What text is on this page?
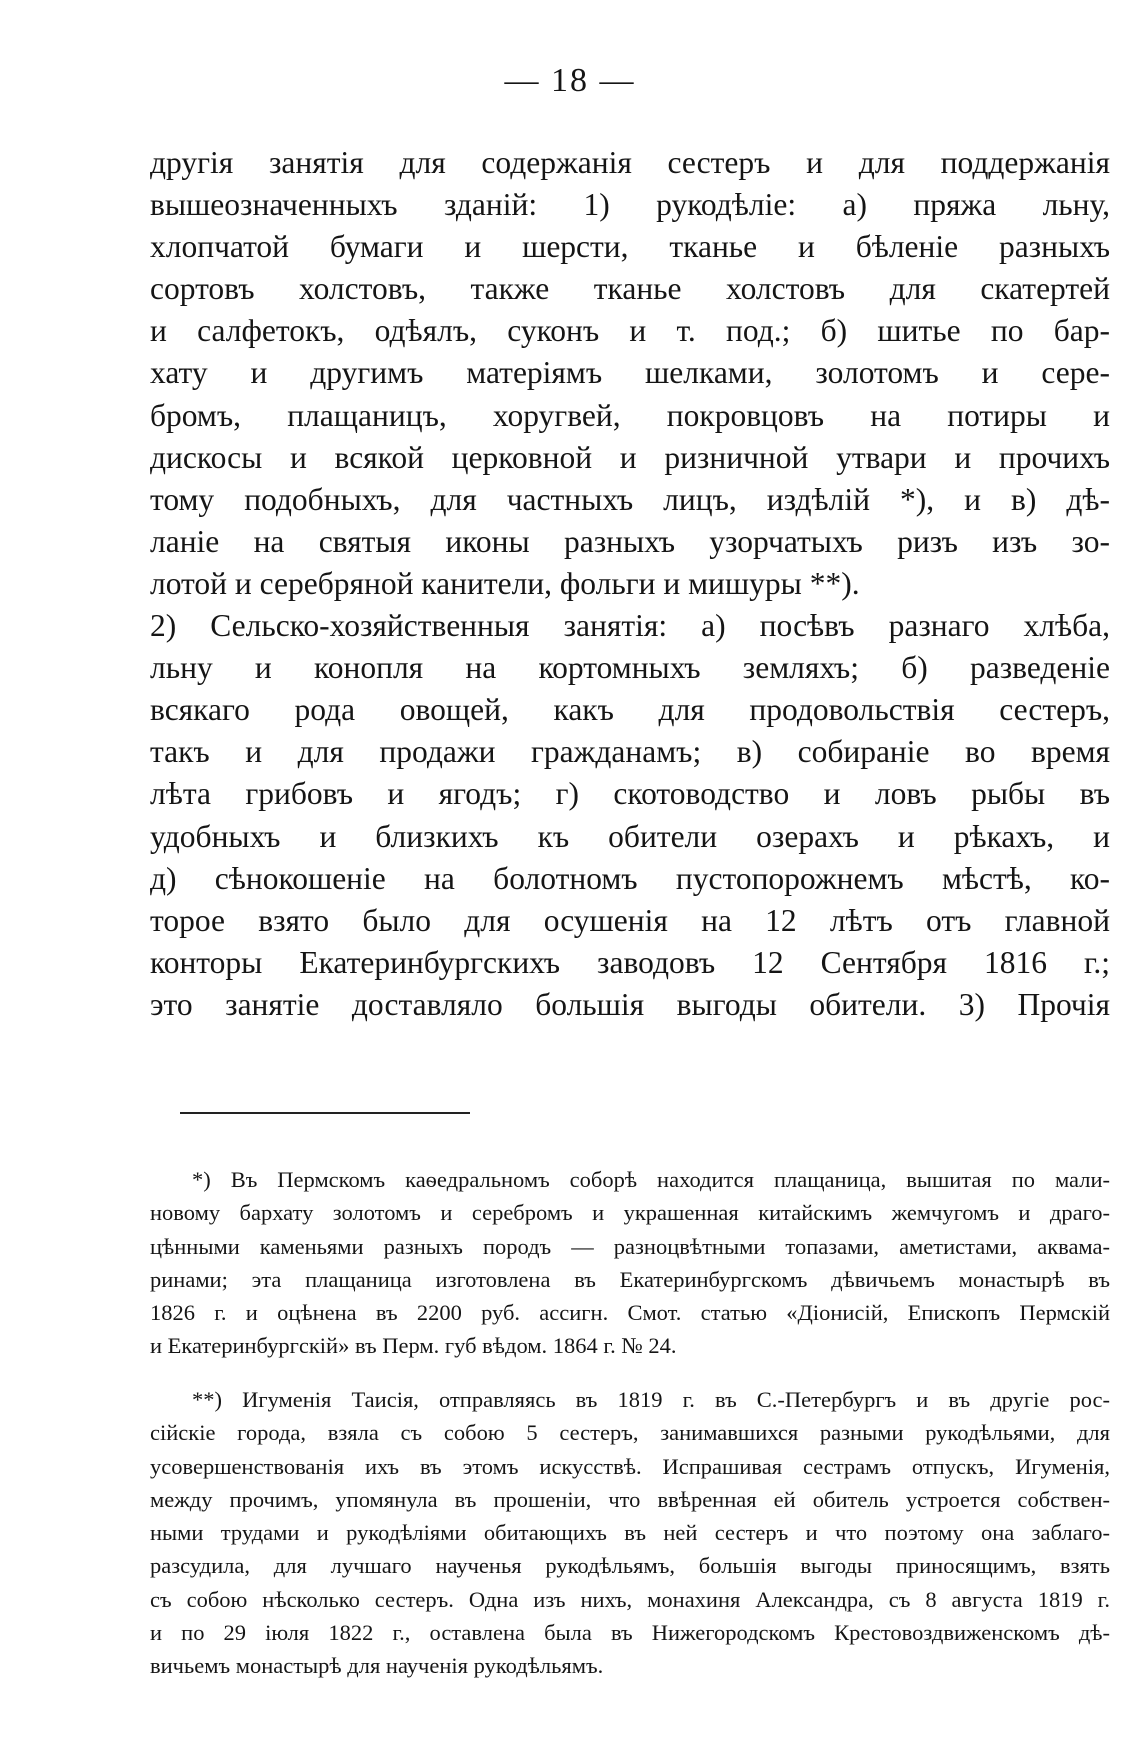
— 18 —
другія занятія для содержанія сестеръ и для поддержанія
вышеозначенныхъ зданій: 1) рукодѣліе: а) пряжа льну,
хлопчатой бумаги и шерсти, тканье и бѣленіе разныхъ
сортовъ холстовъ, также тканье холстовъ для скатертей
и салфетокъ, одѣялъ, суконъ и т. под.; б) шитье по бар-
хату и другимъ матеріямъ шелками, золотомъ и сере-
бромъ, плащаницъ, хоругвей, покровцовъ на потиры и
дискосы и всякой церковной и ризничной утвари и прочихъ
тому подобныхъ, для частныхъ лицъ, издѣлій *), и в) дѣ-
ланіе на святыя иконы разныхъ узорчатыхъ ризъ изъ зо-
лотой и серебряной канители, фольги и мишуры **).
2) Сельско-хозяйственныя занятія: а) посѣвъ разнаго хлѣба,
льну и конопля на кортомныхъ земляхъ; б) разведеніе
всякаго рода овощей, какъ для продовольствія сестеръ,
такъ и для продажи гражданамъ; в) собираніе во время
лѣта грибовъ и ягодъ; г) скотоводство и ловъ рыбы въ
удобныхъ и близкихъ къ обители озерахъ и рѣкахъ, и
д) сѣнокошеніе на болотномъ пустопорожнемъ мѣстѣ, ко-
торое взято было для осушенія на 12 лѣтъ отъ главной
конторы Екатеринбургскихъ заводовъ 12 Сентября 1816 г.;
это занятіе доставляло большія выгоды обители. 3) Прочія
*) Въ Пермскомъ каѳедральномъ соборѣ находится плащаница, вышитая по мали-
новому бархату золотомъ и серебромъ и украшенная китайскимъ жемчугомъ и драго-
цѣнными каменьями разныхъ породъ — разноцвѣтными топазами, аметистами, аквама-
ринами; эта плащаница изготовлена въ Екатеринбургскомъ дѣвичьемъ монастырѣ въ
1826 г. и оцѣнена въ 2200 руб. ассигн. Смот. статью «Діонисій, Епископъ Пермскій
и Екатеринбургскій» въ Перм. губ вѣдом. 1864 г. № 24.
**) Игуменія Таисія, отправляясь въ 1819 г. въ С.-Петербургъ и въ другіе рос-
сійскіе города, взяла съ собою 5 сестеръ, занимавшихся разными рукодѣльями, для
усовершенствованія ихъ въ этомъ искусствѣ. Испрашивая сестрамъ отпускъ, Игуменія,
между прочимъ, упомянула въ прошеніи, что ввѣренная ей обитель устроется собствен-
ными трудами и рукодѣліями обитающихъ въ ней сестеръ и что поэтому она заблаго-
разсудила, для лучшаго наученья рукодѣльямъ, большія выгоды приносящимъ, взять
съ собою нѣсколько сестеръ. Одна изъ нихъ, монахиня Александра, съ 8 августа 1819 г.
и по 29 іюля 1822 г., оставлена была въ Нижегородскомъ Крестовоздвиженскомъ дѣ-
вичьемъ монастырѣ для наученія рукодѣльямъ.
